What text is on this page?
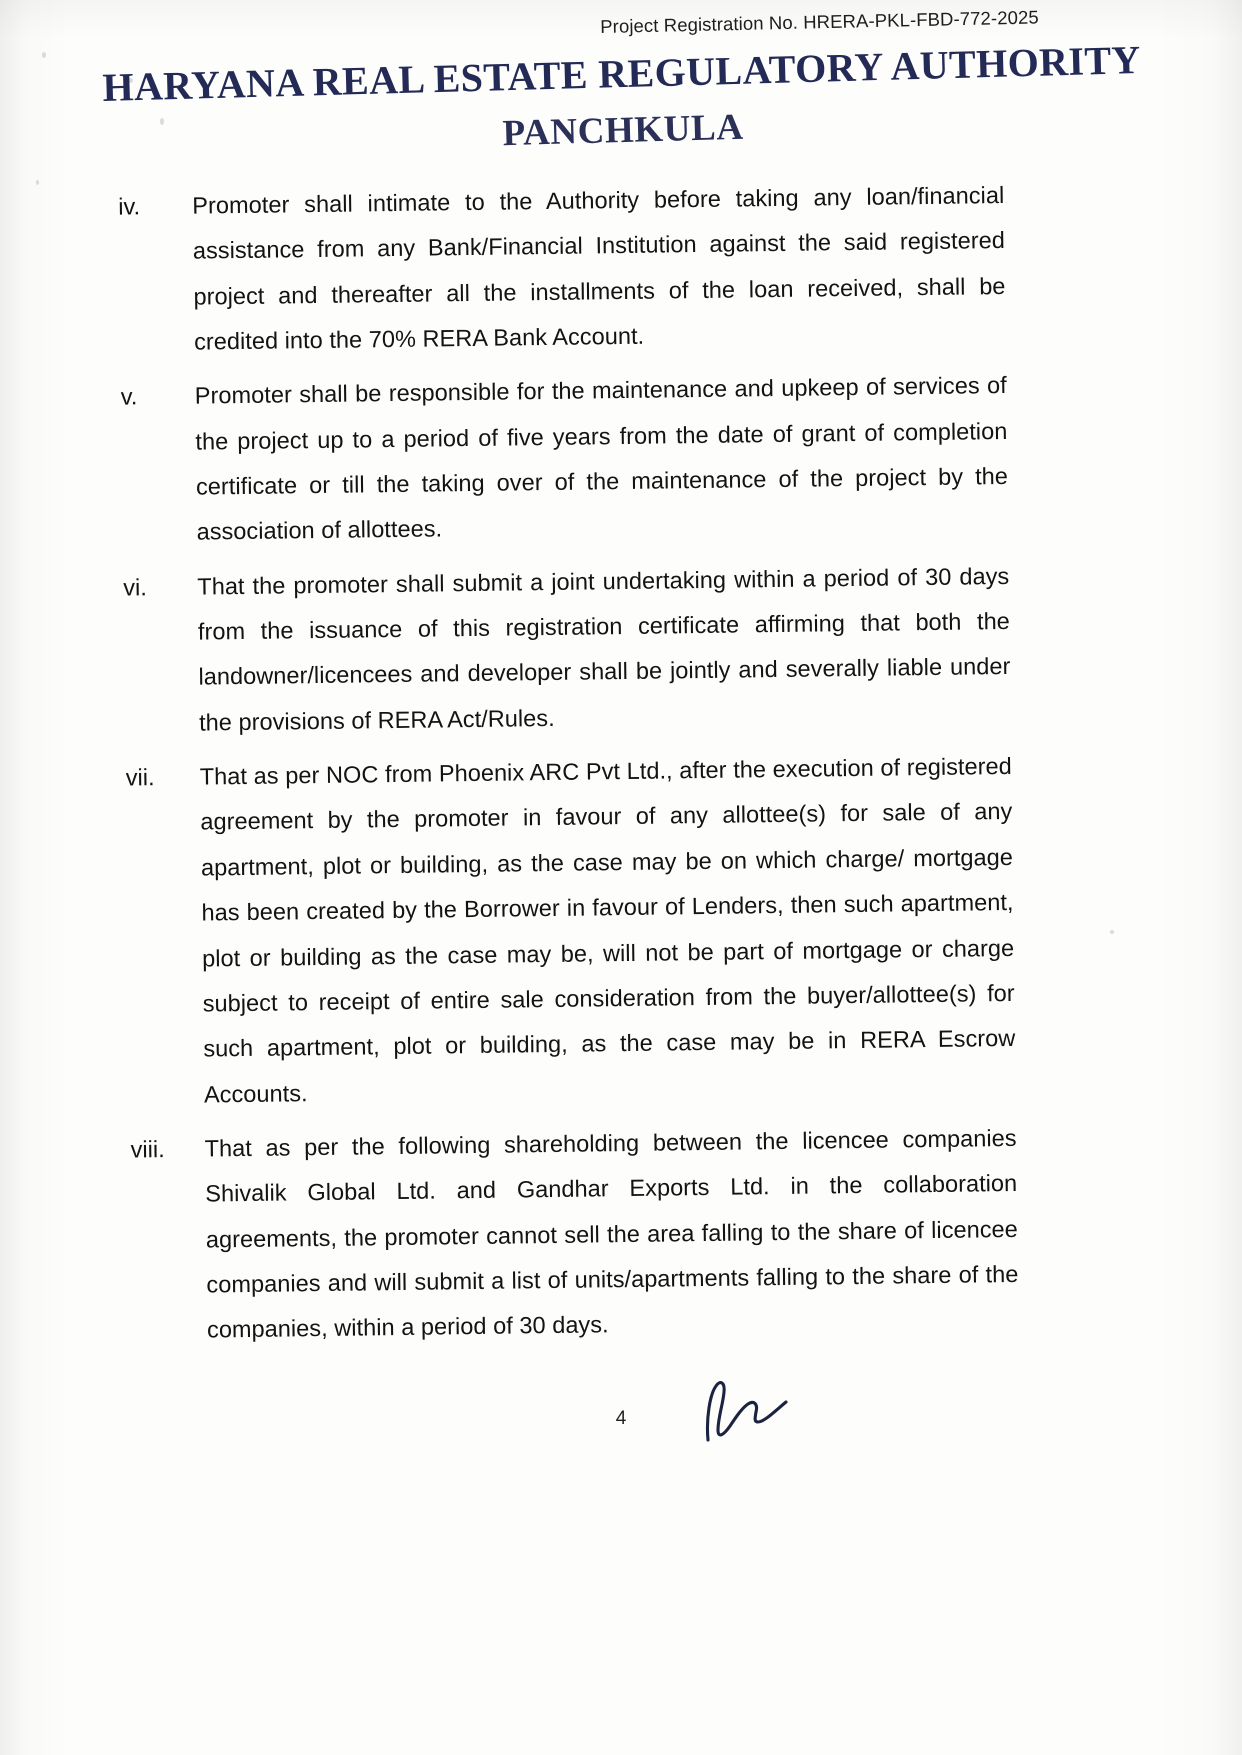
Project Registration No. HRERA-PKL-FBD-772-2025
HARYANA REAL ESTATE REGULATORY AUTHORITY
PANCHKULA
iv.	Promoter shall intimate to the Authority before taking any loan/financial assistance from any Bank/Financial Institution against the said registered project and thereafter all the installments of the loan received, shall be credited into the 70% RERA Bank Account.
v.	Promoter shall be responsible for the maintenance and upkeep of services of the project up to a period of five years from the date of grant of completion certificate or till the taking over of the maintenance of the project by the association of allottees.
vi.	That the promoter shall submit a joint undertaking within a period of 30 days from the issuance of this registration certificate affirming that both the landowner/licencees and developer shall be jointly and severally liable under the provisions of RERA Act/Rules.
vii.	That as per NOC from Phoenix ARC Pvt Ltd., after the execution of registered agreement by the promoter in favour of any allottee(s) for sale of any apartment, plot or building, as the case may be on which charge/ mortgage has been created by the Borrower in favour of Lenders, then such apartment, plot or building as the case may be, will not be part of mortgage or charge subject to receipt of entire sale consideration from the buyer/allottee(s) for such apartment, plot or building, as the case may be in RERA Escrow Accounts.
viii.	That as per the following shareholding between the licencee companies Shivalik Global Ltd. and Gandhar Exports Ltd. in the collaboration agreements, the promoter cannot sell the area falling to the share of licencee companies and will submit a list of units/apartments falling to the share of the companies, within a period of 30 days.
4
